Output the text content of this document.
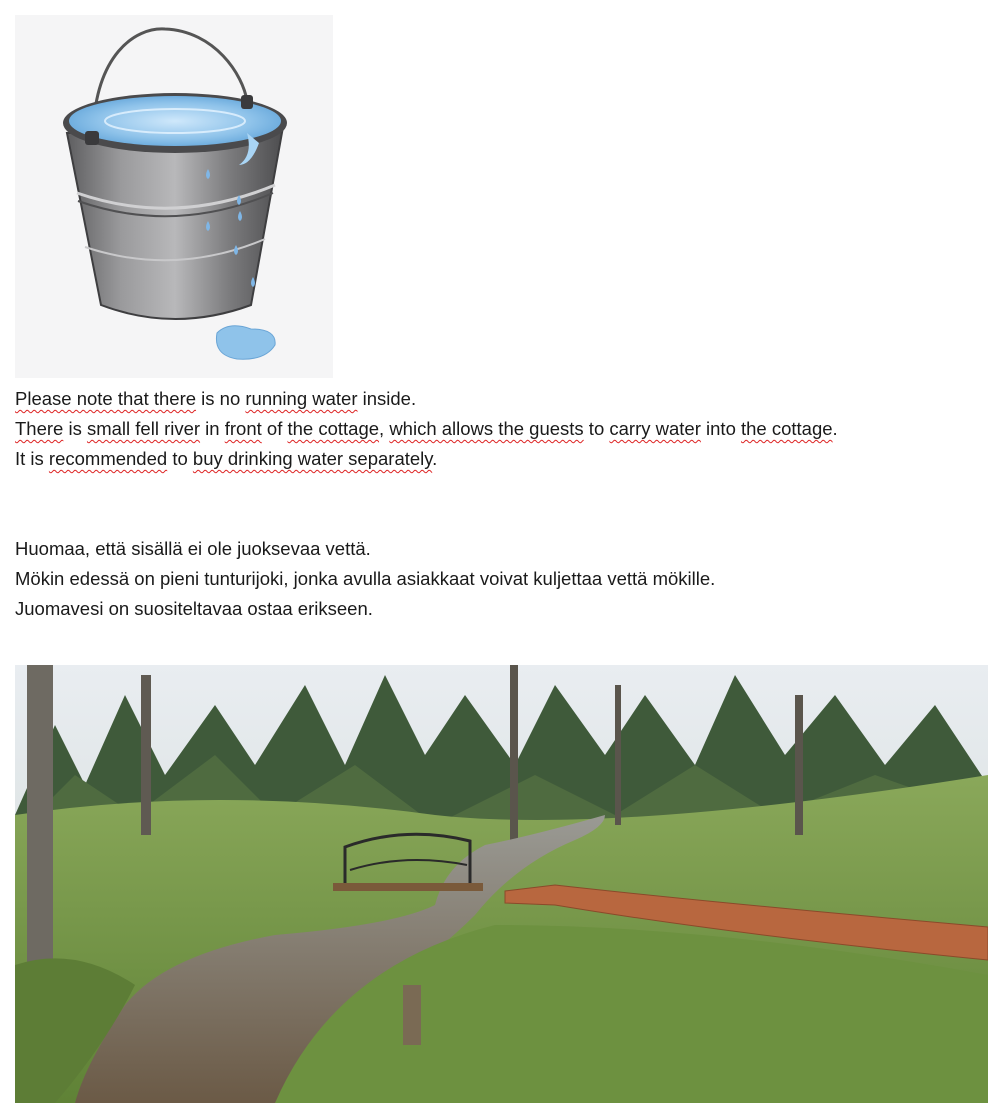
Please note that there is no running water inside.
There is small fell river in front of the cottage, which allows the guests to carry water into the cottage.
It is recommended to buy drinking water separately.

Huomaa, että sisällä ei ole juoksevaa vettä.
Mökin edessä on pieni tunturijoki, jonka avulla asiakkaat voivat kuljettaa vettä mökille.
Juomavesi on suositeltavaa ostaa erikseen.
